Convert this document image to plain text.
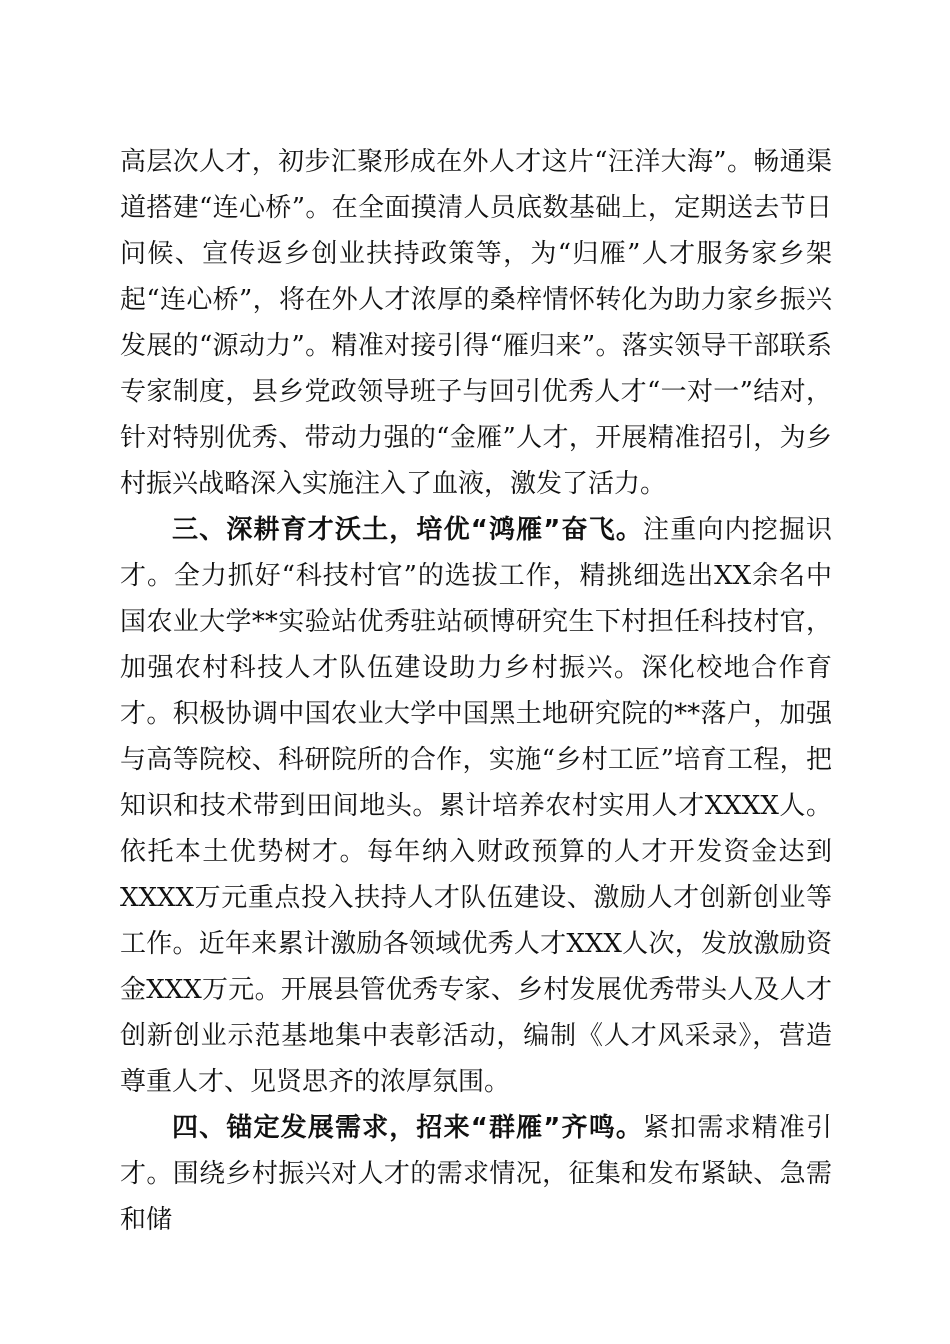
高层次人才，初步汇聚形成在外人才这片“汪洋大海”。畅通渠道搭建“连心桥”。在全面摸清人员底数基础上，定期送去节日问候、宣传返乡创业扶持政策等，为“归雁”人才服务家乡架起“连心桥”，将在外人才浓厚的桑梓情怀转化为助力家乡振兴发展的“源动力”。精准对接引得“雁归来”。落实领导干部联系专家制度，县乡党政领导班子与回引优秀人才“一对一”结对，针对特别优秀、带动力强的“金雁”人才，开展精准招引，为乡村振兴战略深入实施注入了血液，激发了活力。

三、深耕育才沃土，培优“鸿雁”奋飞。注重向内挖掘识才。全力抓好“科技村官”的选拔工作，精挑细选出XX余名中国农业大学**实验站优秀驻站硕博研究生下村担任科技村官，加强农村科技人才队伍建设助力乡村振兴。深化校地合作育才。积极协调中国农业大学中国黑土地研究院的**落户，加强与高等院校、科研院所的合作，实施“乡村工匠”培育工程，把知识和技术带到田间地头。累计培养农村实用人才XXXX人。依托本土优势树才。每年纳入财政预算的人才开发资金达到XXXX万元重点投入扶持人才队伍建设、激励人才创新创业等工作。近年来累计激励各领域优秀人才XXX人次，发放激励资金XXX万元。开展县管优秀专家、乡村发展优秀带头人及人才创新创业示范基地集中表彰活动，编制《人才风采录》，营造尊重人才、见贤思齐的浓厚氛围。

四、锚定发展需求，招来“群雁”齐鸣。紧扣需求精准引才。围绕乡村振兴对人才的需求情况，征集和发布紧缺、急需和储
